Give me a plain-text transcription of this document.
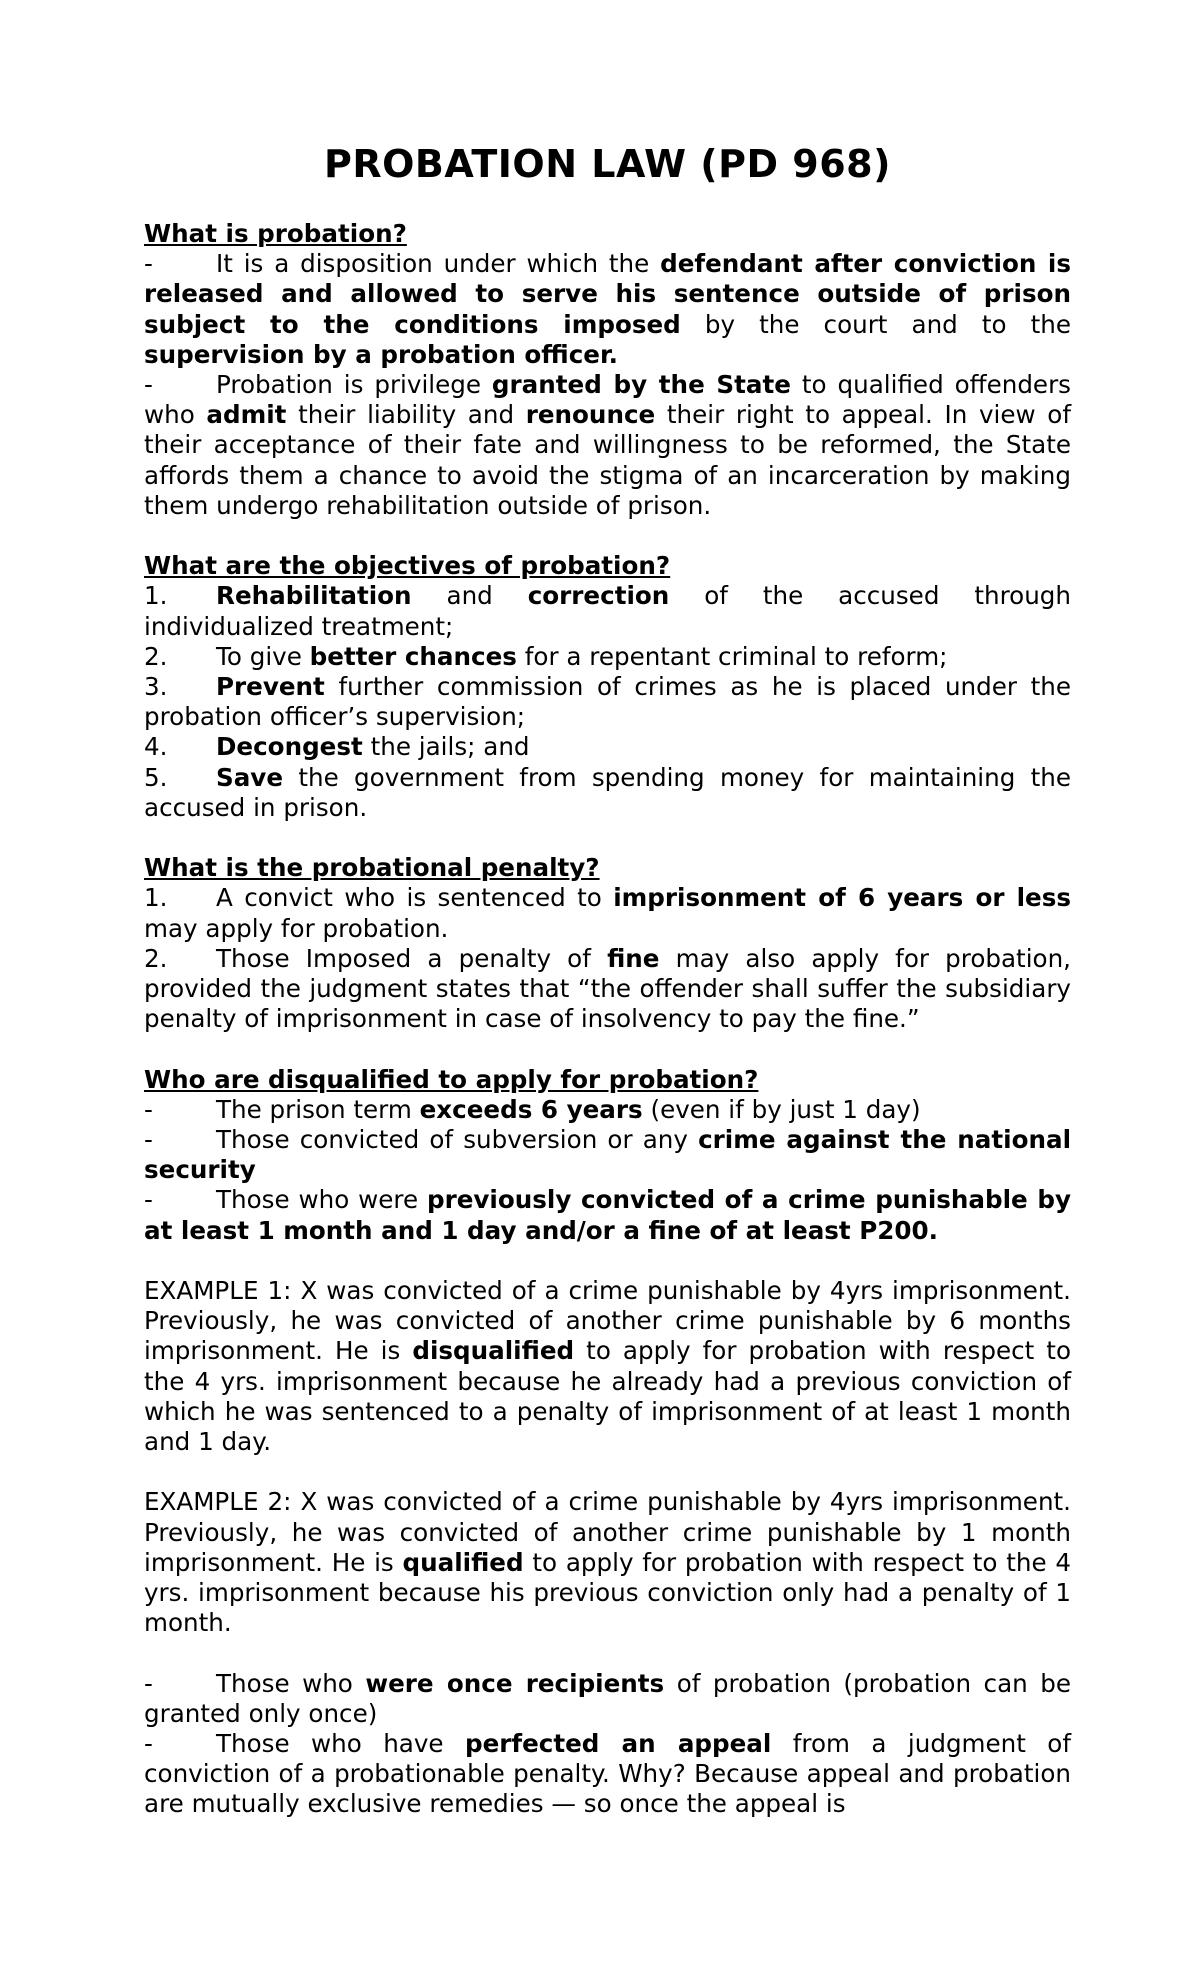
PROBATION LAW (PD 968)

What is probation?

-	It is a disposition under which the defendant after conviction is released and allowed to serve his sentence outside of prison subject to the conditions imposed by the court and to the supervision by a probation officer.

-	Probation is privilege granted by the State to qualified offenders who admit their liability and renounce their right to appeal. In view of their acceptance of their fate and willingness to be reformed, the State affords them a chance to avoid the stigma of an incarceration by making them undergo rehabilitation outside of prison.

What are the objectives of probation?

1. Rehabilitation and correction of the accused through individualized treatment;

2. To give better chances for a repentant criminal to reform;

3. Prevent further commission of crimes as he is placed under the probation officer’s supervision;

4. Decongest the jails; and

5. Save the government from spending money for maintaining the accused in prison.

What is the probational penalty?

1. A convict who is sentenced to imprisonment of 6 years or less may apply for probation.

2. Those Imposed a penalty of fine may also apply for probation, provided the judgment states that “the offender shall suffer the subsidiary penalty of imprisonment in case of insolvency to pay the fine.”

Who are disqualified to apply for probation?

-	The prison term exceeds 6 years (even if by just 1 day)

-	Those convicted of subversion or any crime against the national security

-	Those who were previously convicted of a crime punishable by at least 1 month and 1 day and/or a fine of at least P200.

EXAMPLE 1: X was convicted of a crime punishable by 4yrs imprisonment. Previously, he was convicted of another crime punishable by 6 months imprisonment. He is disqualified to apply for probation with respect to the 4 yrs. imprisonment because he already had a previous conviction of which he was sentenced to a penalty of imprisonment of at least 1 month and 1 day.

EXAMPLE 2: X was convicted of a crime punishable by 4yrs imprisonment. Previously, he was convicted of another crime punishable by 1 month imprisonment. He is qualified to apply for probation with respect to the 4 yrs. imprisonment because his previous conviction only had a penalty of 1 month.

-	Those who were once recipients of probation (probation can be granted only once)

-	Those who have perfected an appeal from a judgment of conviction of a probationable penalty. Why? Because appeal and probation are mutually exclusive remedies — so once the appeal is
